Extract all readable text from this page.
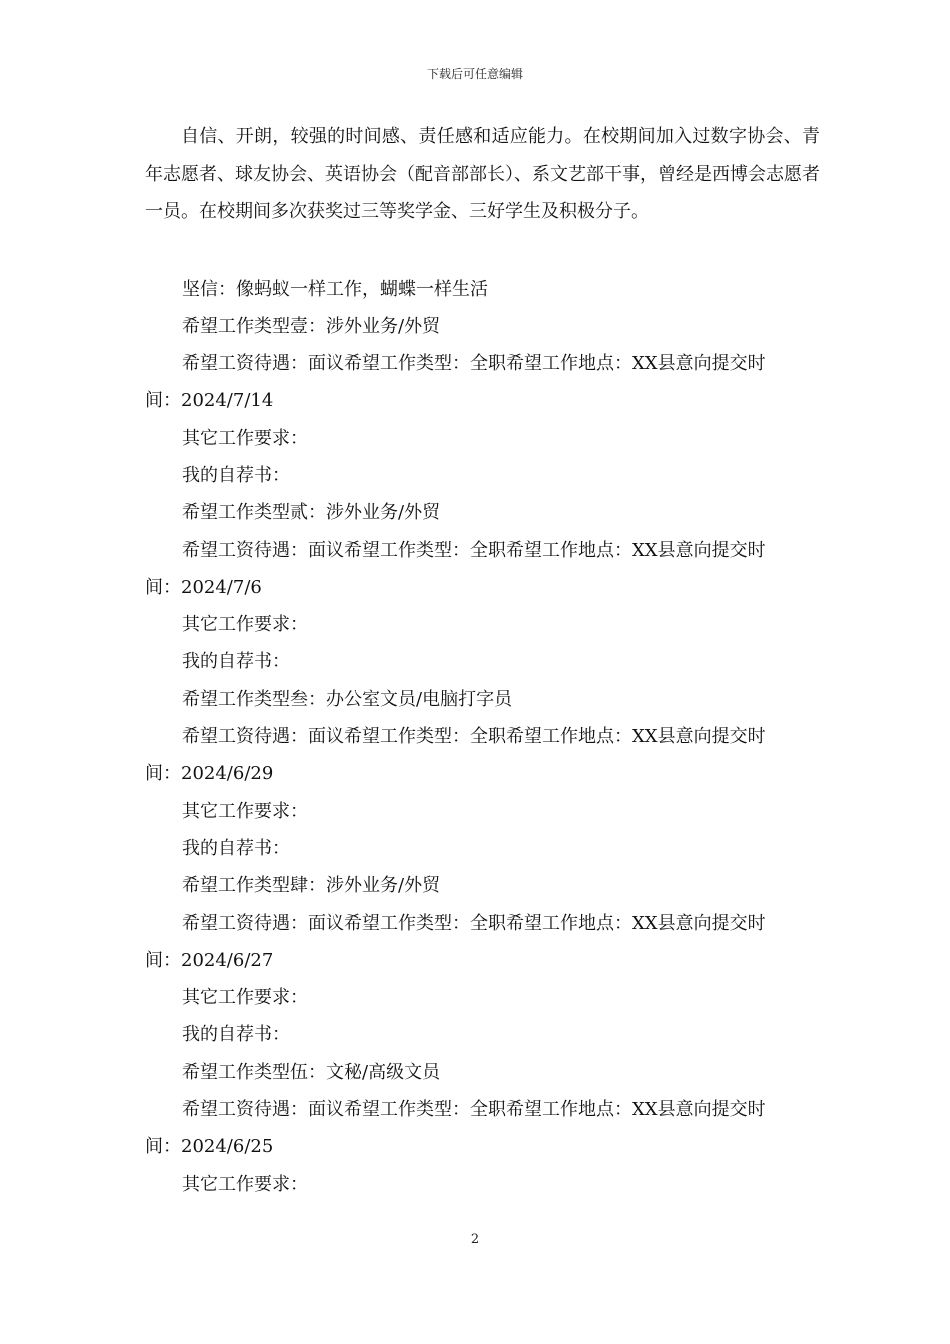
下载后可任意编辑

自信、开朗，较强的时间感、责任感和适应能力。在校期间加入过数字协会、青年志愿者、球友协会、英语协会（配音部部长）、系文艺部干事，曾经是西博会志愿者一员。在校期间多次获奖过三等奖学金、三好学生及积极分子。

坚信：像蚂蚁一样工作，蝴蝶一样生活

希望工作类型壹：涉外业务/外贸

希望工资待遇：面议希望工作类型：全职希望工作地点：XX县意向提交时

间：2024/7/14

其它工作要求：

我的自荐书：

希望工作类型贰：涉外业务/外贸

希望工资待遇：面议希望工作类型：全职希望工作地点：XX县意向提交时

间：2024/7/6

其它工作要求：

我的自荐书：

希望工作类型叁：办公室文员/电脑打字员

希望工资待遇：面议希望工作类型：全职希望工作地点：XX县意向提交时

间：2024/6/29

其它工作要求：

我的自荐书：

希望工作类型肆：涉外业务/外贸

希望工资待遇：面议希望工作类型：全职希望工作地点：XX县意向提交时

间：2024/6/27

其它工作要求：

我的自荐书：

希望工作类型伍：文秘/高级文员

希望工资待遇：面议希望工作类型：全职希望工作地点：XX县意向提交时

间：2024/6/25

其它工作要求：

2
